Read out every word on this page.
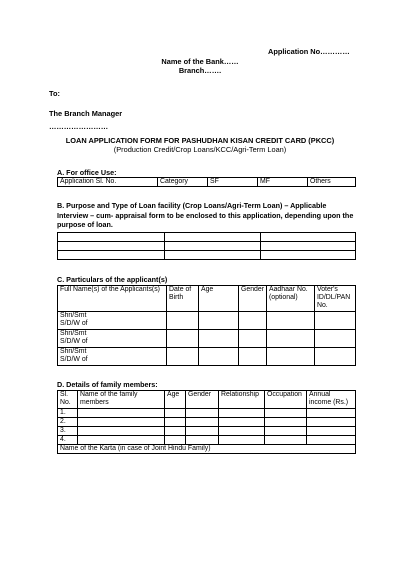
Application No…………
Name of the Bank……
Branch…….
To:
The Branch Manager
……………………
LOAN APPLICATION FORM FOR PASHUDHAN KISAN CREDIT CARD (PKCC)
(Production Credit/Crop Loans/KCC/Agri-Term Loan)
A. For office Use:
Application Sl. No.	Category	SF	MF	Others
B. Purpose and Type of Loan facility (Crop Loans/Agri-Term Loan) – Applicable Interview – cum- appraisal form to be enclosed to this application, depending upon the purpose of loan.

C. Particulars of the applicant(s)
Full Name(s) of the Applicants(s)	Date of Birth	Age	Gender	Aadhaar No. (optional)	Voter's ID/DL/PAN No.

Shri/Smt
S/D/W of					

Shri/Smt
S/D/W of					

Shri/Smt
S/D/W of					

D. Details of family members:
Sl. No.	Name of the family members	Age	Gender	Relationship	Occupation	Annual income (Rs.)
1.						
2.						
3.						
4.						
Name of the Karta (in case of Joint Hindu Family)						
